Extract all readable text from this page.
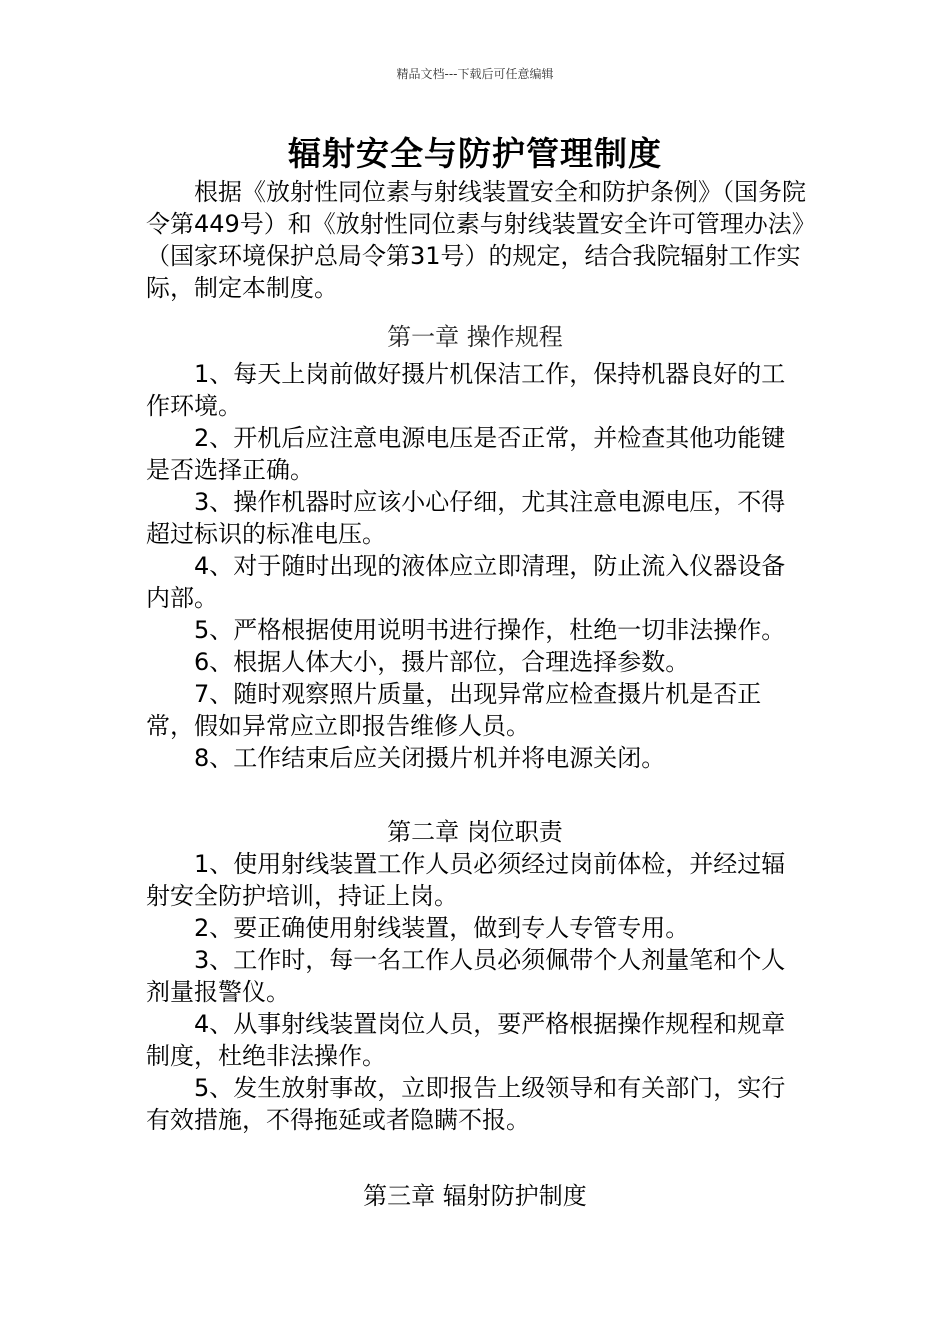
精品文档---下载后可任意编辑
辐射安全与防护管理制度

根据《放射性同位素与射线装置安全和防护条例》（国务院令第449号）和《放射性同位素与射线装置安全许可管理办法》（国家环境保护总局令第31号）的规定，结合我院辐射工作实际，制定本制度。

第一章 操作规程

1、每天上岗前做好摄片机保洁工作，保持机器良好的工作环境。

2、开机后应注意电源电压是否正常，并检查其他功能键是否选择正确。

3、操作机器时应该小心仔细，尤其注意电源电压，不得超过标识的标准电压。

4、对于随时出现的液体应立即清理，防止流入仪器设备内部。

5、严格根据使用说明书进行操作，杜绝一切非法操作。

6、根据人体大小，摄片部位，合理选择参数。

7、随时观察照片质量，出现异常应检查摄片机是否正常，假如异常应立即报告维修人员。

8、工作结束后应关闭摄片机并将电源关闭。

第二章 岗位职责

1、使用射线装置工作人员必须经过岗前体检，并经过辐射安全防护培训，持证上岗。

2、要正确使用射线装置，做到专人专管专用。

3、工作时，每一名工作人员必须佩带个人剂量笔和个人剂量报警仪。

4、从事射线装置岗位人员，要严格根据操作规程和规章制度，杜绝非法操作。

5、发生放射事故，立即报告上级领导和有关部门，实行有效措施，不得拖延或者隐瞒不报。

第三章 辐射防护制度
